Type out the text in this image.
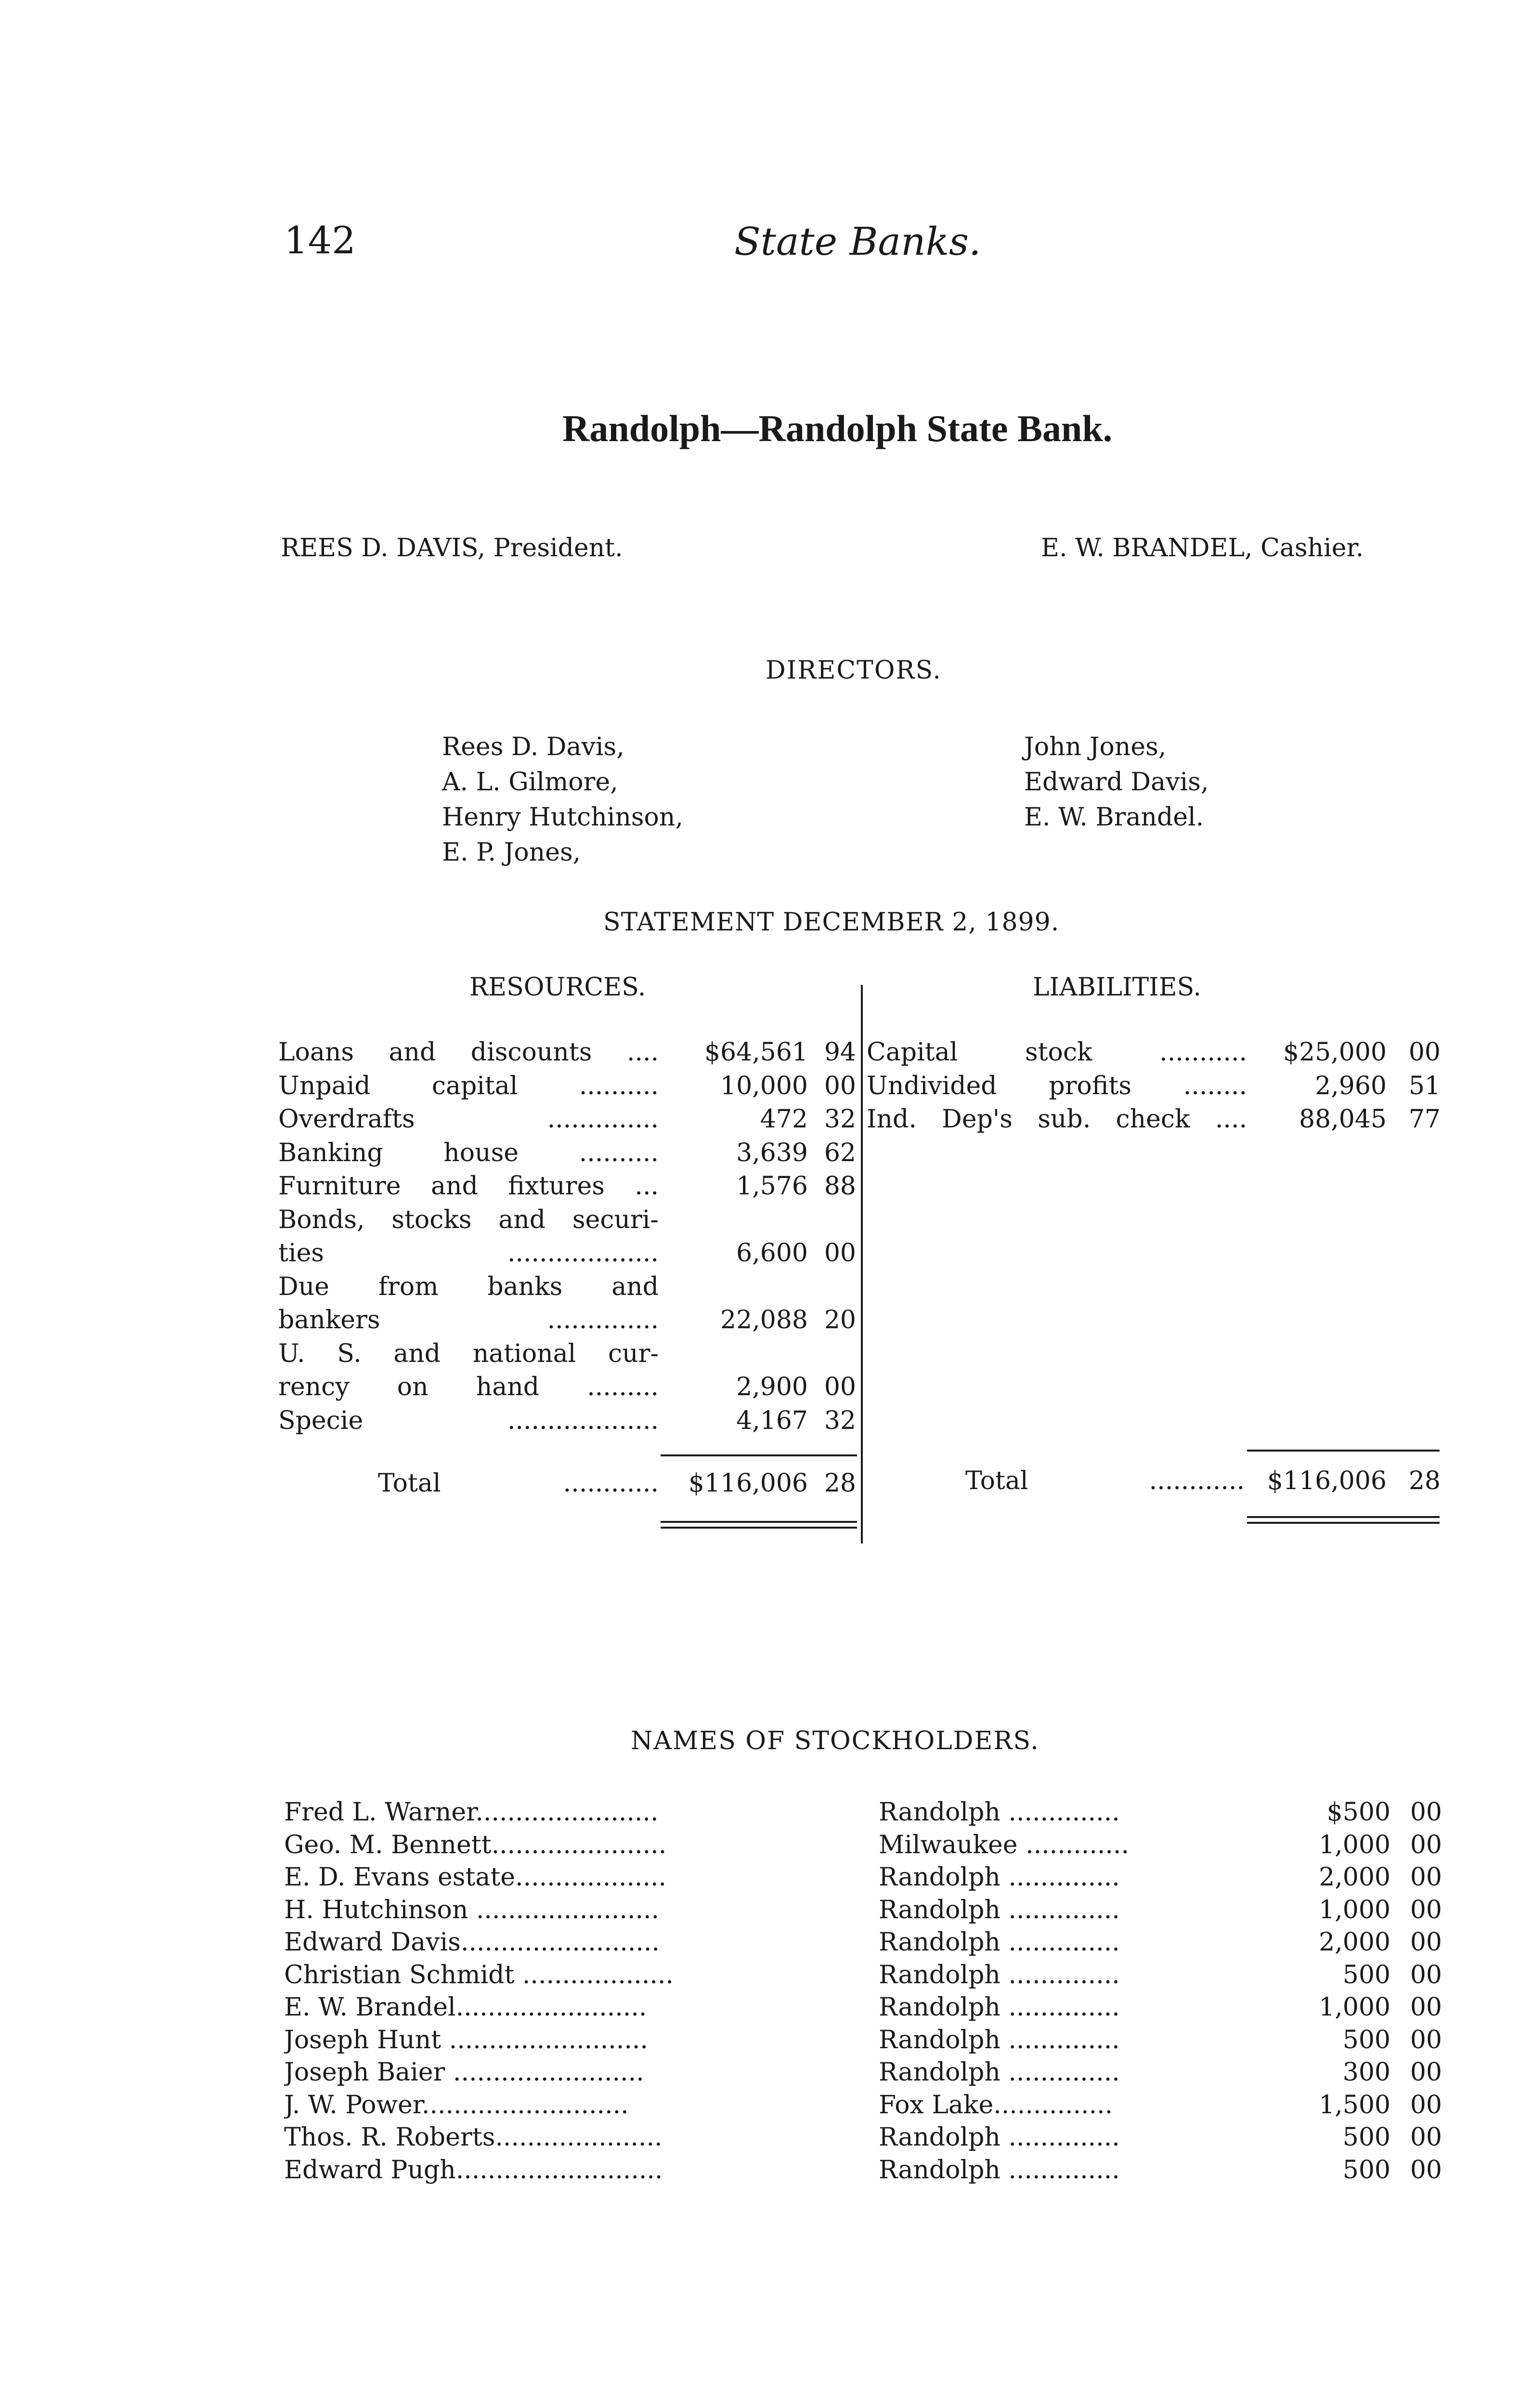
142	State Banks.
Randolph—Randolph State Bank.
REES D. DAVIS, President.	E. W. BRANDEL, Cashier.
DIRECTORS.
Rees D. Davis,
A. L. Gilmore,
Henry Hutchinson,
E. P. Jones,
John Jones,
Edward Davis,
E. W. Brandel.
STATEMENT DECEMBER 2, 1899.
RESOURCES.	LIABILITIES.
Loans and discounts ....	$64,561 94
Unpaid capital ..........	10,000 00
Overdrafts ..............	472 32
Banking house ..........	3,639 62
Furniture and fixtures ...	1,576 88
Bonds, stocks and securi-
ties ...................	6,600 00
Due from banks and
bankers ..............	22,088 20
U. S. and national cur-
rency on hand .........	2,900 00
Specie ...................	4,167 32
Total ............	$116,006 28
Capital stock ...........	$25,000 00
Undivided profits ........	2,960 51
Ind. Dep's sub. check ....	88,045 77
Total ............ $116,006 28
NAMES OF STOCKHOLDERS.
Fred L. Warner.......................	Randolph ..............	$500 00
Geo. M. Bennett......................	Milwaukee .............	1,000 00
E. D. Evans estate...................	Randolph ..............	2,000 00
H. Hutchinson .......................	Randolph ..............	1,000 00
Edward Davis.........................	Randolph ..............	2,000 00
Christian Schmidt ...................	Randolph ..............	500 00
E. W. Brandel........................	Randolph ..............	1,000 00
Joseph Hunt .........................	Randolph ..............	500 00
Joseph Baier ........................	Randolph ..............	300 00
J. W. Power..........................	Fox Lake...............	1,500 00
Thos. R. Roberts.....................	Randolph ..............	500 00
Edward Pugh..........................	Randolph ..............	500 00
